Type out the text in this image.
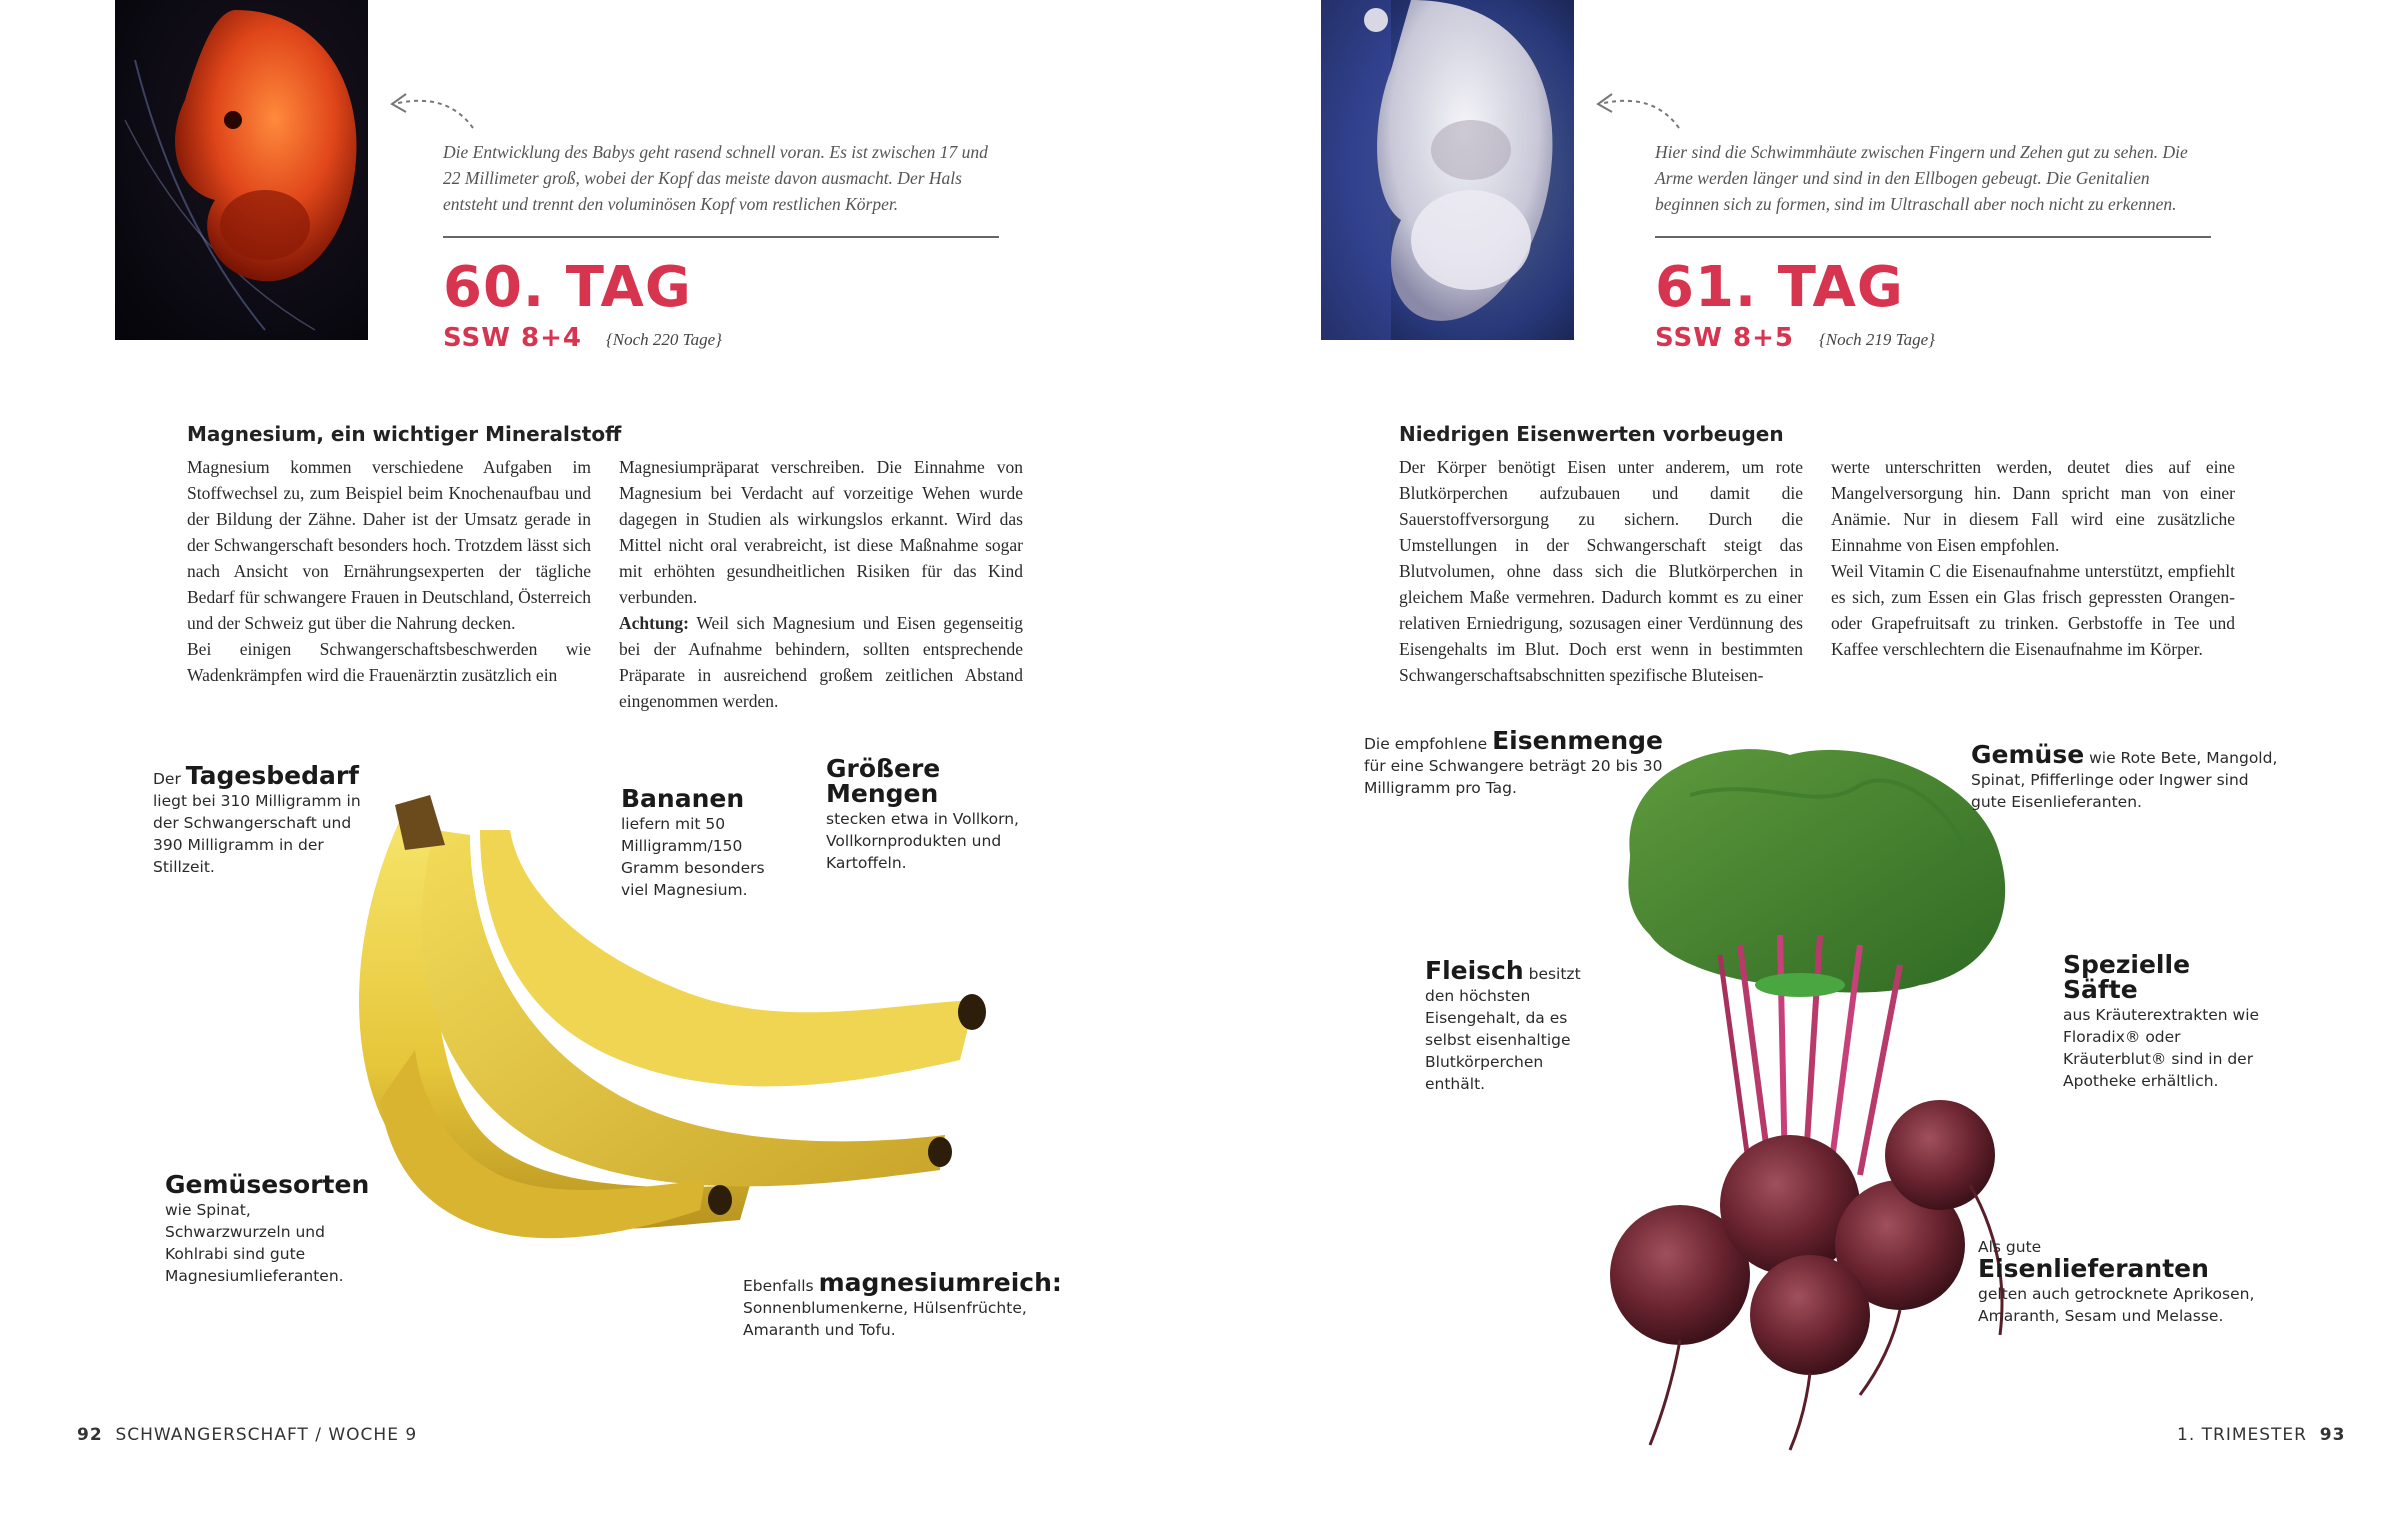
Die Entwicklung des Babys geht rasend schnell voran. Es ist zwischen 17 und 22 Millimeter groß, wobei der Kopf das meiste davon ausmacht. Der Hals entsteht und trennt den voluminösen Kopf vom restlichen Körper.
60. TAG
SSW 8+4 {Noch 220 Tage}
Magnesium, ein wichtiger Mineralstoff

Magnesium kommen verschiedene Aufgaben im Stoffwechsel zu, zum Beispiel beim Knochenaufbau und der Bildung der Zähne. Daher ist der Umsatz gerade in der Schwangerschaft besonders hoch. Trotzdem lässt sich nach Ansicht von Ernährungsexperten der tägliche Bedarf für schwangere Frauen in Deutschland, Österreich und der Schweiz gut über die Nahrung decken.

Bei einigen Schwangerschaftsbeschwerden wie Wadenkrämpfen wird die Frauenärztin zusätzlich ein

Magnesiumpräparat verschreiben. Die Einnahme von Magnesium bei Verdacht auf vorzeitige Wehen wurde dagegen in Studien als wirkungslos erkannt. Wird das Mittel nicht oral verabreicht, ist diese Maßnahme sogar mit erhöhten gesundheitlichen Risiken für das Kind verbunden.

Achtung: Weil sich Magnesium und Eisen gegenseitig bei der Aufnahme behindern, sollten entsprechende Präparate in ausreichend großem zeitlichen Abstand eingenommen werden.

Der Tagesbedarf
liegt bei 310 Milligramm in der Schwangerschaft und 390 Milligramm in der Stillzeit.
Bananen
liefern mit 50 Milligramm/150 Gramm besonders viel Magnesium.
Größere Mengen
stecken etwa in Vollkorn, Vollkornprodukten und Kartoffeln.
Gemüsesorten
wie Spinat, Schwarzwurzeln und Kohlrabi sind gute Magnesiumlieferanten.
Ebenfalls magnesiumreich:
Sonnenblumenkerne, Hülsenfrüchte, Amaranth und Tofu.
92 SCHWANGERSCHAFT / WOCHE 9
Hier sind die Schwimmhäute zwischen Fingern und Zehen gut zu sehen. Die Arme werden länger und sind in den Ellbogen gebeugt. Die Genitalien beginnen sich zu formen, sind im Ultraschall aber noch nicht zu erkennen.
61. TAG
SSW 8+5 {Noch 219 Tage}
Niedrigen Eisenwerten vorbeugen

Der Körper benötigt Eisen unter anderem, um rote Blutkörperchen aufzubauen und damit die Sauerstoffversorgung zu sichern. Durch die Umstellungen in der Schwangerschaft steigt das Blutvolumen, ohne dass sich die Blutkörperchen in gleichem Maße vermehren. Dadurch kommt es zu einer relativen Erniedrigung, sozusagen einer Verdünnung des Eisengehalts im Blut. Doch erst wenn in bestimmten Schwangerschaftsabschnitten spezifische Bluteisen-

werte unterschritten werden, deutet dies auf eine Mangelversorgung hin. Dann spricht man von einer Anämie. Nur in diesem Fall wird eine zusätzliche Einnahme von Eisen empfohlen.

Weil Vitamin C die Eisenaufnahme unterstützt, empfiehlt es sich, zum Essen ein Glas frisch gepressten Orangen- oder Grapefruitsaft zu trinken. Gerbstoffe in Tee und Kaffee verschlechtern die Eisenaufnahme im Körper.

Die empfohlene Eisenmenge
für eine Schwangere beträgt 20 bis 30 Milligramm pro Tag.
Gemüse wie Rote Bete, Mangold,
Spinat, Pfifferlinge oder Ingwer sind gute Eisenlieferanten.
Fleisch besitzt
den höchsten Eisengehalt, da es selbst eisenhaltige Blutkörperchen enthält.
Spezielle Säfte
aus Kräuterextrakten wie Floradix® oder Kräuterblut® sind in der Apotheke erhältlich.
Als gute Eisenlieferanten
gelten auch getrocknete Aprikosen, Amaranth, Sesam und Melasse.
1. TRIMESTER 93
